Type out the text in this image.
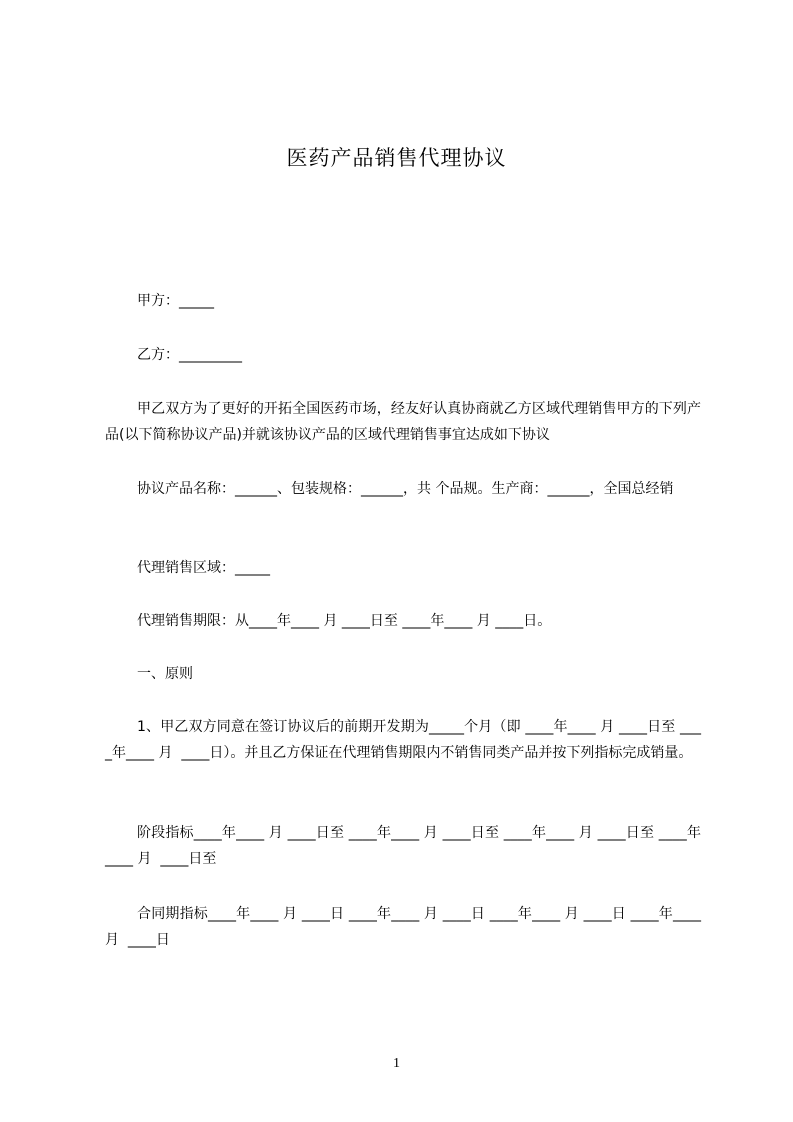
医药产品销售代理协议
甲方：_____
乙方：_________
甲乙双方为了更好的开拓全国医药市场，经友好认真协商就乙方区域代理销售甲方的下列产品(以下简称协议产品)并就该协议产品的区域代理销售事宜达成如下协议
协议产品名称：______、包装规格：______，共 个品规。生产商：______，全国总经销
代理销售区域：_____
代理销售期限：从____年____ 月 ____日至 ____年____ 月 ____日。
一、原则
1、甲乙双方同意在签订协议后的前期开发期为_____个月（即 ____年____ 月 ____日至 ____年____ 月  ____日）。并且乙方保证在代理销售期限内不销售同类产品并按下列指标完成销量。
阶段指标____年____ 月 ____日至 ____年____ 月 ____日至 ____年____ 月 ____日至 ____年____ 月  ____日至
合同期指标____年____ 月 ____日 ____年____ 月 ____日 ____年____ 月 ____日 ____年____ 月  ____日
1
